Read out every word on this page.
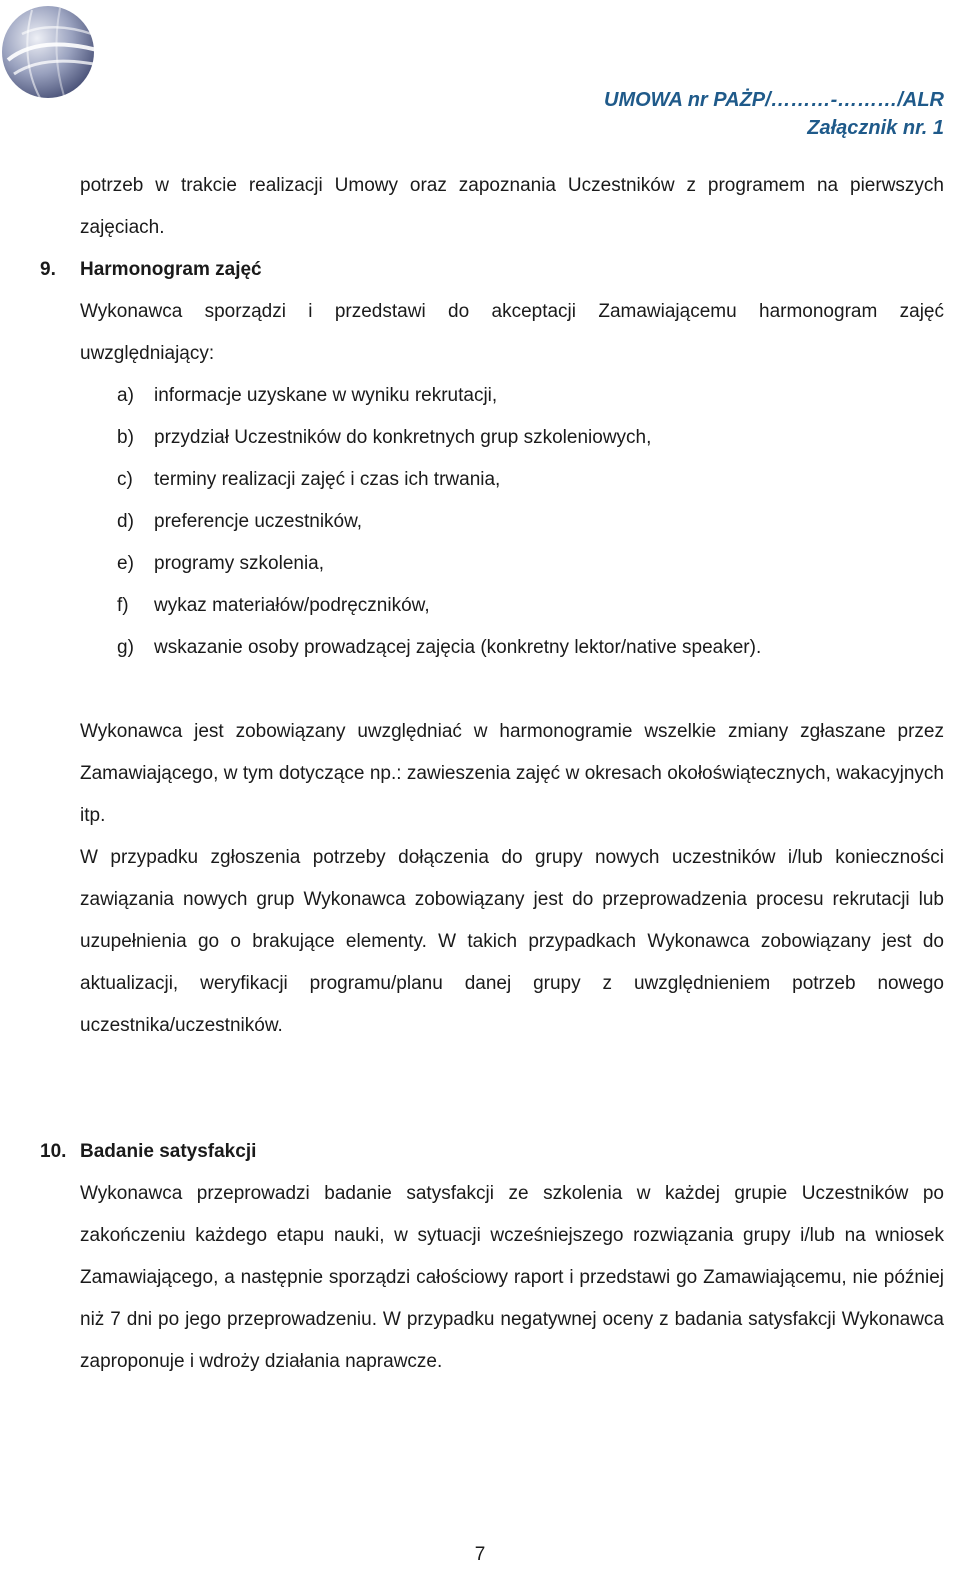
UMOWA nr PAŻP/………-………/ALR
Załącznik nr. 1

potrzeb w trakcie realizacji Umowy oraz zapoznania Uczestników z programem na pierwszych zajęciach.

9. Harmonogram zajęć

Wykonawca sporządzi i przedstawi do akceptacji Zamawiającemu harmonogram zajęć uwzględniający:

a) informacje uzyskane w wyniku rekrutacji,
b) przydział Uczestników do konkretnych grup szkoleniowych,
c) terminy realizacji zajęć i czas ich trwania,
d) preferencje uczestników,
e) programy szkolenia,
f) wykaz materiałów/podręczników,
g) wskazanie osoby prowadzącej zajęcia (konkretny lektor/native speaker).

Wykonawca jest zobowiązany uwzględniać w harmonogramie wszelkie zmiany zgłaszane przez Zamawiającego, w tym dotyczące np.: zawieszenia zajęć w okresach okołoświątecznych, wakacyjnych itp.

W przypadku zgłoszenia potrzeby dołączenia do grupy nowych uczestników i/lub konieczności zawiązania nowych grup Wykonawca zobowiązany jest do przeprowadzenia procesu rekrutacji lub uzupełnienia go o brakujące elementy. W takich przypadkach Wykonawca zobowiązany jest do aktualizacji, weryfikacji programu/planu danej grupy z uwzględnieniem potrzeb nowego uczestnika/uczestników.

10. Badanie satysfakcji

Wykonawca przeprowadzi badanie satysfakcji ze szkolenia w każdej grupie Uczestników po zakończeniu każdego etapu nauki, w sytuacji wcześniejszego rozwiązania grupy i/lub na wniosek Zamawiającego, a następnie sporządzi całościowy raport i przedstawi go Zamawiającemu, nie później niż 7 dni po jego przeprowadzeniu. W przypadku negatywnej oceny z badania satysfakcji Wykonawca zaproponuje i wdroży działania naprawcze.

7
